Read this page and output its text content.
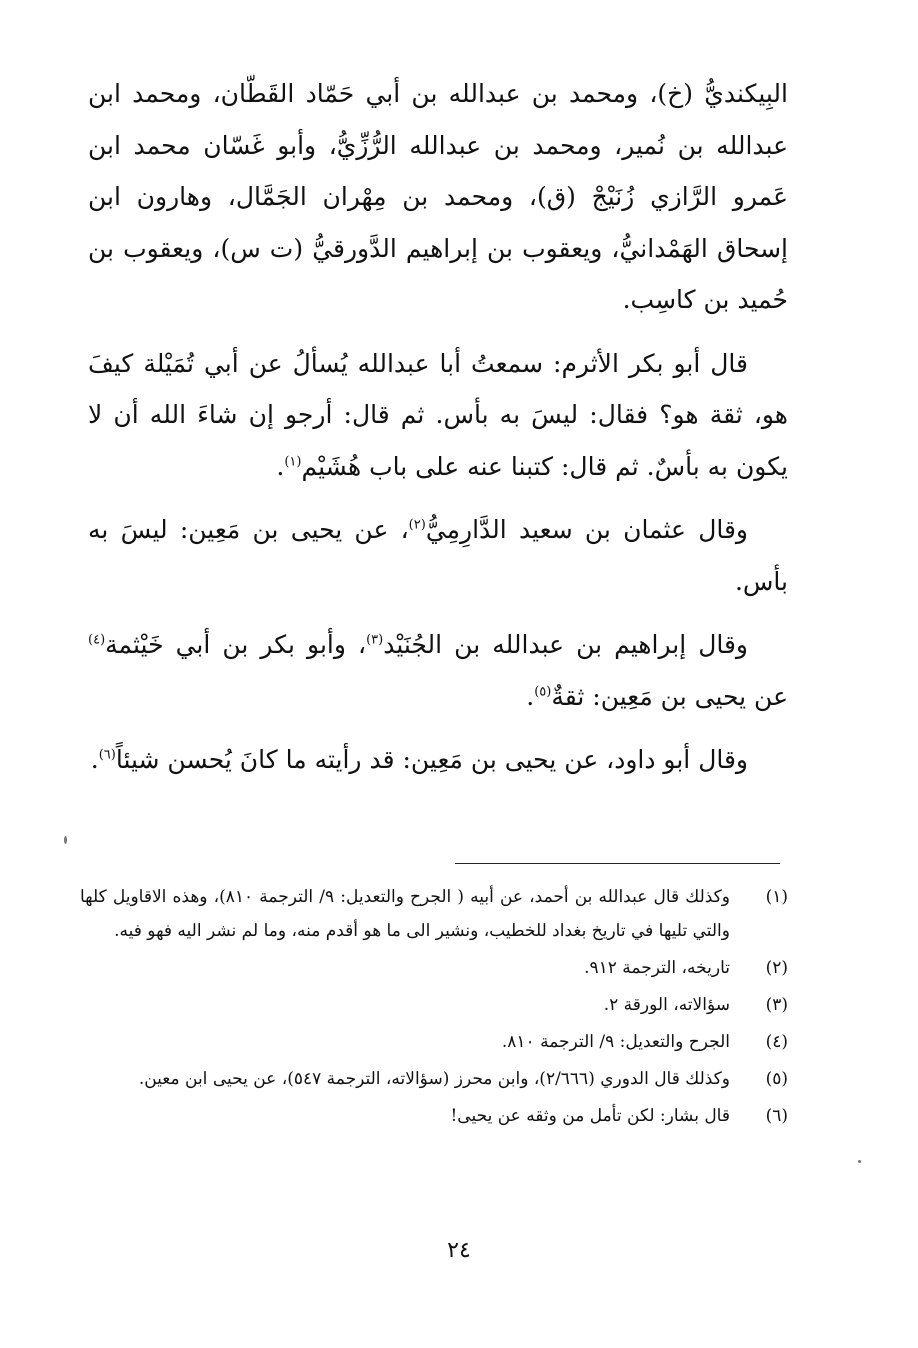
البِيكنديُّ (خ)، ومحمد بن عبدالله بن أبي حَمّاد القَطّان، ومحمد ابن عبدالله بن نُمير، ومحمد بن عبدالله الرُّزِّيُّ، وأبو غَسّان محمد ابن عَمرو الرَّازي زُنَيْجْ (ق)، ومحمد بن مِهْران الجَمَّال، وهارون ابن إسحاق الهَمْدانيُّ، ويعقوب بن إبراهيم الدَّورقيُّ (ت س)، ويعقوب بن حُميد بن كاسِب.

قال أبو بكر الأثرم: سمعتُ أبا عبدالله يُسألُ عن أبي تُمَيْلة كيفَ هو، ثقة هو؟ فقال: ليسَ به بأس. ثم قال: أرجو إن شاءَ الله أن لا يكون به بأسٌ. ثم قال: كتبنا عنه على باب هُشَيْم$^{(١)}$.

وقال عثمان بن سعيد الدَّارِمِيُّ$^{(٢)}$، عن يحيى بن مَعِين: ليسَ به بأس.

وقال إبراهيم بن عبدالله بن الجُنَيْد$^{(٣)}$، وأبو بكر بن أبي خَيْثمة$^{(٤)}$ عن يحيى بن مَعِين: ثقةٌ$^{(٥)}$.

وقال أبو داود، عن يحيى بن مَعِين: قد رأيته ما كانَ يُحسن شيئاً$^{(٦)}$.

(١)
وكذلك قال عبدالله بن أحمد، عن أبيه ( الجرح والتعديل: ٩/ الترجمة ٨١٠)، وهذه الاقاويل كلها والتي تليها في تاريخ بغداد للخطيب، ونشير الى ما هو أقدم منه، وما لم نشر اليه فهو فيه.
(٢)
تاريخه، الترجمة ٩١٢.
(٣)
سؤالاته، الورقة ٢.
(٤)
الجرح والتعديل: ٩/ الترجمة ٨١٠.
(٥)
وكذلك قال الدوري (٢/٦٦٦)، وابن محرز (سؤالاته، الترجمة ٥٤٧)، عن يحيى ابن معين.
(٦)
قال بشار: لكن تأمل من وثقه عن يحيى!
٢٤
